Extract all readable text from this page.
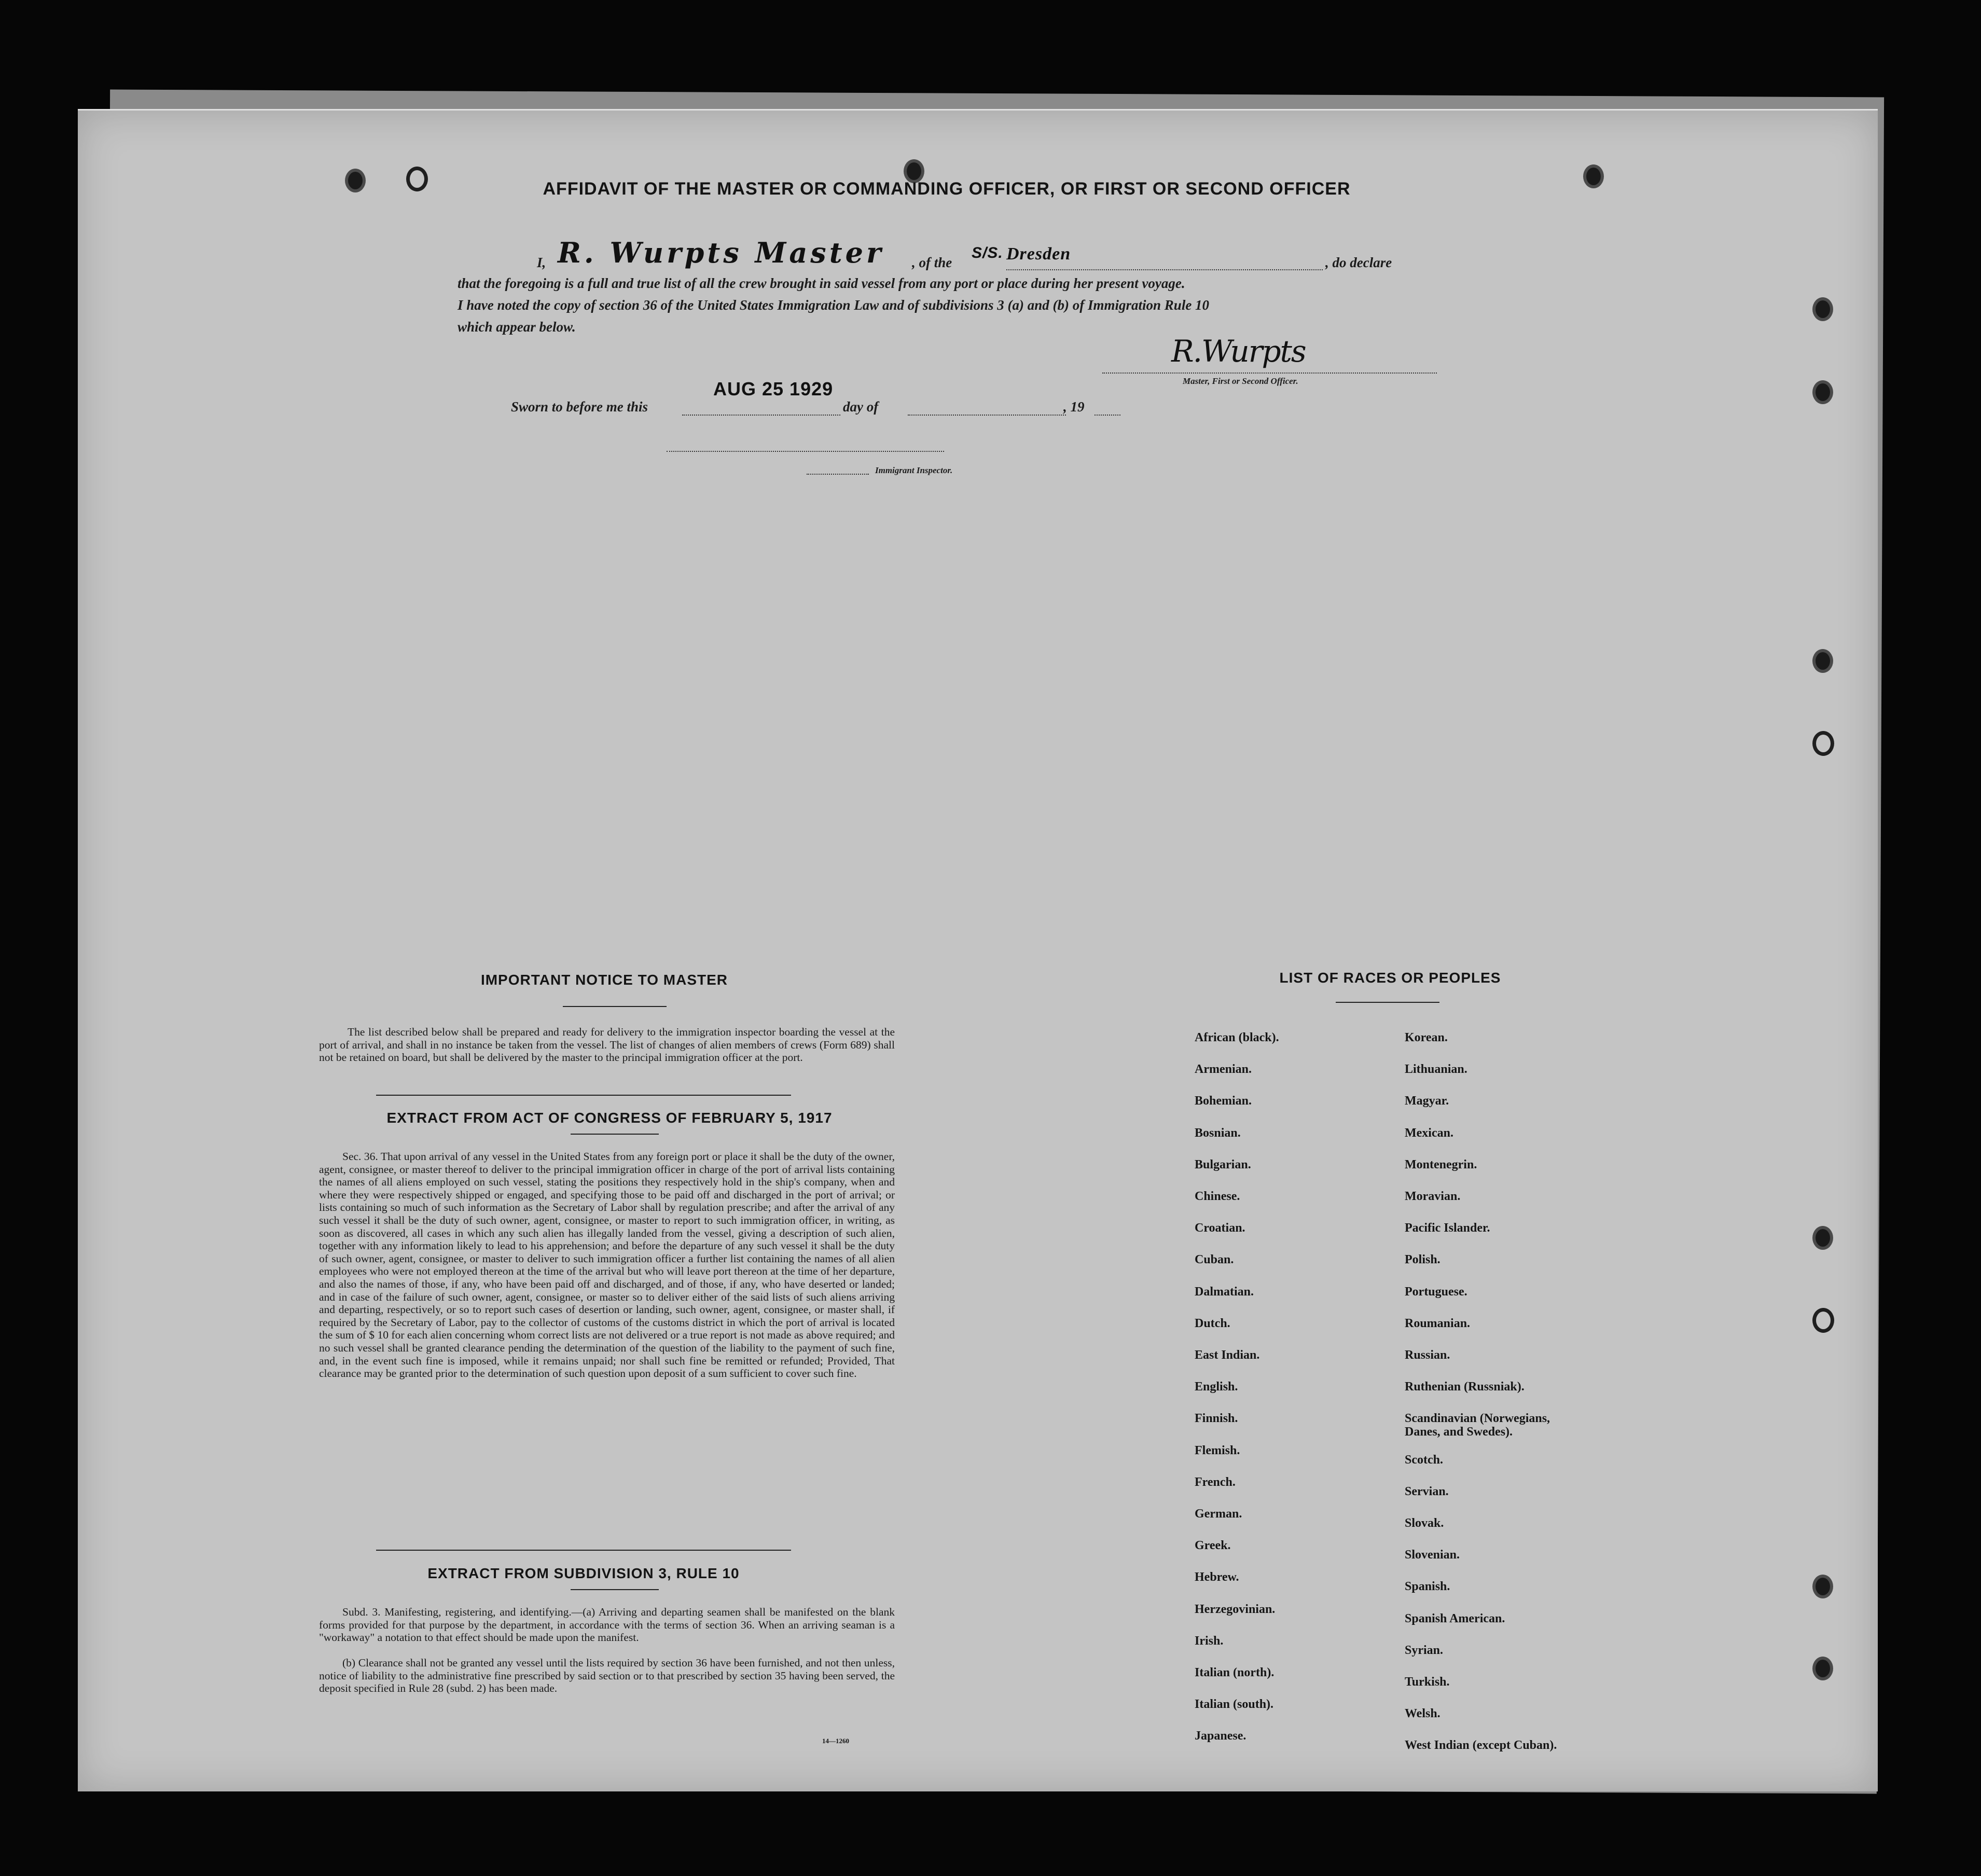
AFFIDAVIT OF THE MASTER OR COMMANDING OFFICER, OR FIRST OR SECOND OFFICER
I, R. Wurpts Master , of the
S/S. Dresden	, do declare
that the foregoing is a full and true list of all the crew brought in said vessel from any port or place during her present voyage.
I have noted the copy of section 36 of the United States Immigration Law and of subdivisions 3 (a) and (b) of Immigration Rule 10
which appear below.
R.Wurpts
Master, First or Second Officer.
Sworn to before me this
AUG 25 1929
day of	, 19
Immigrant Inspector.
IMPORTANT NOTICE TO MASTER
The list described below shall be prepared and ready for delivery to the immigration inspector boarding the vessel at the port of arrival, and shall in no instance be taken from the vessel. The list of changes of alien members of crews (Form 689) shall not be retained on board, but shall be delivered by the master to the principal immigration officer at the port.
EXTRACT FROM ACT OF CONGRESS OF FEBRUARY 5, 1917
Sec. 36. That upon arrival of any vessel in the United States from any foreign port or place it shall be the duty of the owner, agent, consignee, or master thereof to deliver to the principal immigration officer in charge of the port of arrival lists containing the names of all aliens employed on such vessel, stating the positions they respectively hold in the ship's company, when and where they were respectively shipped or engaged, and specifying those to be paid off and discharged in the port of arrival; or lists containing so much of such information as the Secretary of Labor shall by regulation prescribe; and after the arrival of any such vessel it shall be the duty of such owner, agent, consignee, or master to report to such immigration officer, in writing, as soon as discovered, all cases in which any such alien has illegally landed from the vessel, giving a description of such alien, together with any information likely to lead to his apprehension; and before the departure of any such vessel it shall be the duty of such owner, agent, consignee, or master to deliver to such immigration officer a further list containing the names of all alien employees who were not employed thereon at the time of the arrival but who will leave port thereon at the time of her departure, and also the names of those, if any, who have been paid off and discharged, and of those, if any, who have deserted or landed; and in case of the failure of such owner, agent, consignee, or master so to deliver either of the said lists of such aliens arriving and departing, respectively, or so to report such cases of desertion or landing, such owner, agent, consignee, or master shall, if required by the Secretary of Labor, pay to the collector of customs of the customs district in which the port of arrival is located the sum of $ 10 for each alien concerning whom correct lists are not delivered or a true report is not made as above required; and no such vessel shall be granted clearance pending the determination of the question of the liability to the payment of such fine, and, in the event such fine is imposed, while it remains unpaid; nor shall such fine be remitted or refunded; Provided, That clearance may be granted prior to the determination of such question upon deposit of a sum sufficient to cover such fine.
EXTRACT FROM SUBDIVISION 3, RULE 10
Subd. 3. Manifesting, registering, and identifying.—(a) Arriving and departing seamen shall be manifested on the blank forms provided for that purpose by the department, in accordance with the terms of section 36. When an arriving seaman is a "workaway" a notation to that effect should be made upon the manifest.
(b) Clearance shall not be granted any vessel until the lists required by section 36 have been furnished, and not then unless, notice of liability to the administrative fine prescribed by said section or to that prescribed by section 35 having been served, the deposit specified in Rule 28 (subd. 2) has been made.
14—1260
LIST OF RACES OR PEOPLES
African (black).
Armenian.
Bohemian.
Bosnian.
Bulgarian.
Chinese.
Croatian.
Cuban.
Dalmatian.
Dutch.
East Indian.
English.
Finnish.
Flemish.
French.
German.
Greek.
Hebrew.
Herzegovinian.
Irish.
Italian (north).
Italian (south).
Japanese.
Korean.
Lithuanian.
Magyar.
Mexican.
Montenegrin.
Moravian.
Pacific Islander.
Polish.
Portuguese.
Roumanian.
Russian.
Ruthenian (Russniak).
Scandinavian (Norwegians, Danes, and Swedes).
Scotch.
Servian.
Slovak.
Slovenian.
Spanish.
Spanish American.
Syrian.
Turkish.
Welsh.
West Indian (except Cuban).
